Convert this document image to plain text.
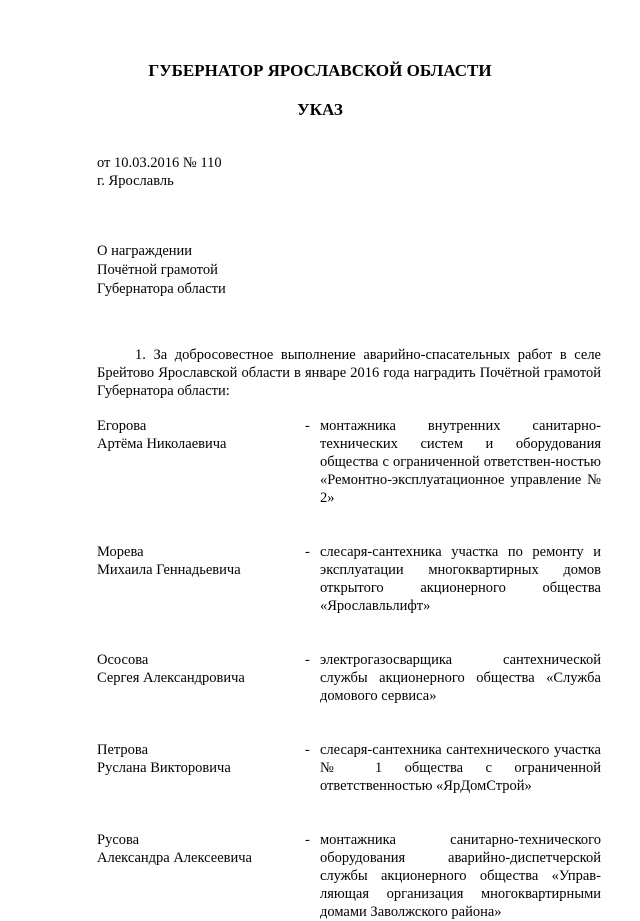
ГУБЕРНАТОР ЯРОСЛАВСКОЙ ОБЛАСТИ
УКАЗ
от 10.03.2016 № 110
г. Ярославль
О награждении
Почётной грамотой
Губернатора области
1. За добросовестное выполнение аварийно-спасательных работ в селе Брейтово Ярославской области в январе 2016 года наградить Почётной грамотой Губернатора области:
Егорова
Артёма Николаевича
- монтажника внутренних санитарно-технических систем и оборудования общества с ограниченной ответствен-ностью «Ремонтно-эксплуатационное управление № 2»
Морева
Михаила Геннадьевича
- слесаря-сантехника участка по ремонту и эксплуатации многоквартирных домов открытого акционерного общества «Ярославльлифт»
Ососова
Сергея Александровича
- электрогазосварщика сантехнической службы акционерного общества «Служба домового сервиса»
Петрова
Руслана Викторовича
- слесаря-сантехника сантехнического участка № 1 общества с ограниченной ответственностью «ЯрДомСтрой»
Русова
Александра Алексеевича
- монтажника санитарно-технического оборудования аварийно-диспетчерской службы акционерного общества «Управ-ляющая организация многоквартирными домами Заволжского района»
